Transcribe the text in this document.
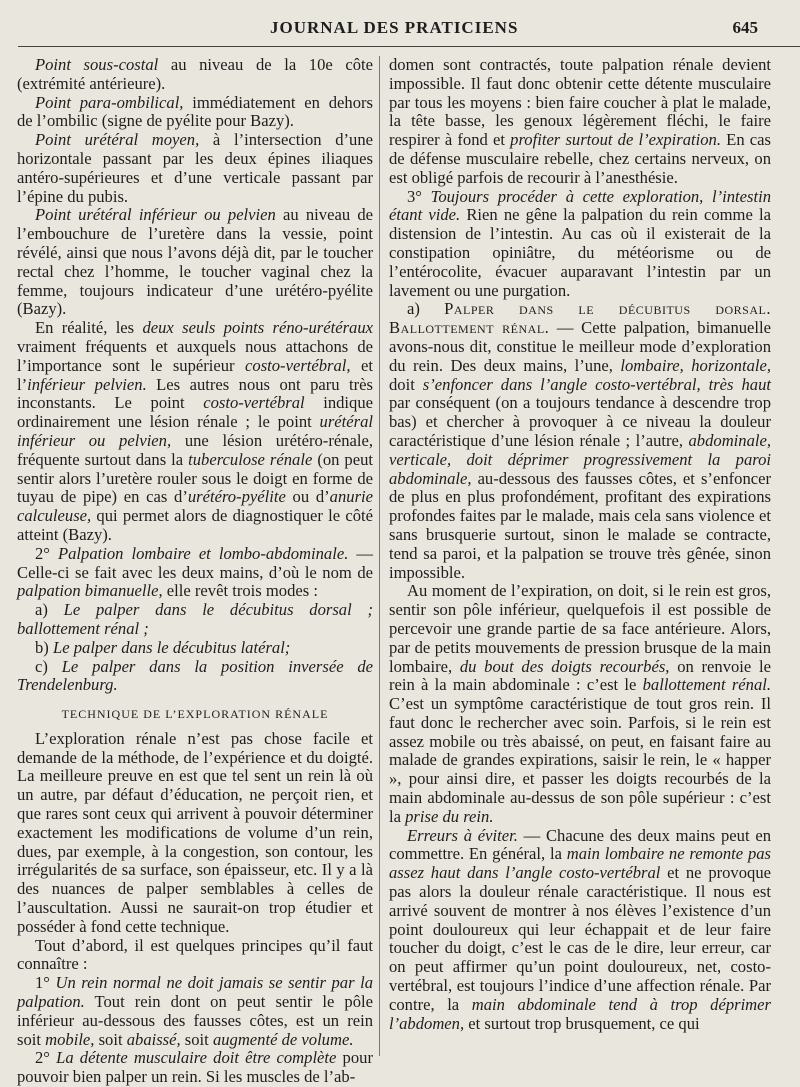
JOURNAL DES PRATICIENS	645

Point sous-costal au niveau de la 10e côte (extrémité antérieure).

Point para-ombilical, immédiatement en dehors de l’ombilic (signe de pyélite pour Bazy).

Point urétéral moyen, à l’intersection d’une horizontale passant par les deux épines iliaques antéro-supérieures et d’une verticale passant par l’épine du pubis.

Point urétéral inférieur ou pelvien au niveau de l’embouchure de l’uretère dans la vessie, point révélé, ainsi que nous l’avons déjà dit, par le toucher rectal chez l’homme, le toucher vaginal chez la femme, toujours indicateur d’une urétéro-pyélite (Bazy).

En réalité, les deux seuls points réno-urétéraux vraiment fréquents et auxquels nous attachons de l’importance sont le supérieur costo-vertébral, et l’inférieur pelvien. Les autres nous ont paru très inconstants. Le point costo-vertébral indique ordinairement une lésion rénale ; le point urétéral inférieur ou pelvien, une lésion urétéro-rénale, fréquente surtout dans la tuberculose rénale (on peut sentir alors l’uretère rouler sous le doigt en forme de tuyau de pipe) en cas d’urétéro-pyélite ou d’anurie calculeuse, qui permet alors de diagnostiquer le côté atteint (Bazy).

2° Palpation lombaire et lombo-abdominale. — Celle-ci se fait avec les deux mains, d’où le nom de palpation bimanuelle, elle revêt trois modes :

a) Le palper dans le décubitus dorsal ; ballottement rénal ;

b) Le palper dans le décubitus latéral;

c) Le palper dans la position inversée de Trendelenburg.

TECHNIQUE DE L’EXPLORATION RÉNALE

L’exploration rénale n’est pas chose facile et demande de la méthode, de l’expérience et du doigté. La meilleure preuve en est que tel sent un rein là où un autre, par défaut d’éducation, ne perçoit rien, et que rares sont ceux qui arrivent à pouvoir déterminer exactement les modifications de volume d’un rein, dues, par exemple, à la congestion, son contour, les irrégularités de sa surface, son épaisseur, etc. Il y a là des nuances de palper semblables à celles de l’auscultation. Aussi ne saurait-on trop étudier et posséder à fond cette technique.

Tout d’abord, il est quelques principes qu’il faut connaître :

1° Un rein normal ne doit jamais se sentir par la palpation. Tout rein dont on peut sentir le pôle inférieur au-dessous des fausses côtes, est un rein soit mobile, soit abaissé, soit augmenté de volume.

2° La détente musculaire doit être complète pour pouvoir bien palper un rein. Si les muscles de l’ab-

domen sont contractés, toute palpation rénale devient impossible. Il faut donc obtenir cette détente musculaire par tous les moyens : bien faire coucher à plat le malade, la tête basse, les genoux légèrement fléchi, le faire respirer à fond et profiter surtout de l’expiration. En cas de défense musculaire rebelle, chez certains nerveux, on est obligé parfois de recourir à l’anesthésie.

3° Toujours procéder à cette exploration, l’intestin étant vide. Rien ne gêne la palpation du rein comme la distension de l’intestin. Au cas où il existerait de la constipation opiniâtre, du météorisme ou de l’entérocolite, évacuer auparavant l’intestin par un lavement ou une purgation.

a) Palper dans le décubitus dorsal. Ballottement rénal. — Cette palpation, bimanuelle avons-nous dit, constitue le meilleur mode d’exploration du rein. Des deux mains, l’une, lombaire, horizontale, doit s’enfoncer dans l’angle costo-vertébral, très haut par conséquent (on a toujours tendance à descendre trop bas) et chercher à provoquer à ce niveau la douleur caractéristique d’une lésion rénale ; l’autre, abdominale, verticale, doit déprimer progressivement la paroi abdominale, au-dessous des fausses côtes, et s’enfoncer de plus en plus profondément, profitant des expirations profondes faites par le malade, mais cela sans violence et sans brusquerie surtout, sinon le malade se contracte, tend sa paroi, et la palpation se trouve très gênée, sinon impossible.

Au moment de l’expiration, on doit, si le rein est gros, sentir son pôle inférieur, quelquefois il est possible de percevoir une grande partie de sa face antérieure. Alors, par de petits mouvements de pression brusque de la main lombaire, du bout des doigts recourbés, on renvoie le rein à la main abdominale : c’est le ballottement rénal. C’est un symptôme caractéristique de tout gros rein. Il faut donc le rechercher avec soin. Parfois, si le rein est assez mobile ou très abaissé, on peut, en faisant faire au malade de grandes expirations, saisir le rein, le « happer », pour ainsi dire, et passer les doigts recourbés de la main abdominale au-dessus de son pôle supérieur : c’est la prise du rein.

Erreurs à éviter. — Chacune des deux mains peut en commettre. En général, la main lombaire ne remonte pas assez haut dans l’angle costo-vertébral et ne provoque pas alors la douleur rénale caractéristique. Il nous est arrivé souvent de montrer à nos élèves l’existence d’un point douloureux qui leur échappait et de leur faire toucher du doigt, c’est le cas de le dire, leur erreur, car on peut affirmer qu’un point douloureux, net, costo-vertébral, est toujours l’indice d’une affection rénale. Par contre, la main abdominale tend à trop déprimer l’abdomen, et surtout trop brusquement, ce qui
